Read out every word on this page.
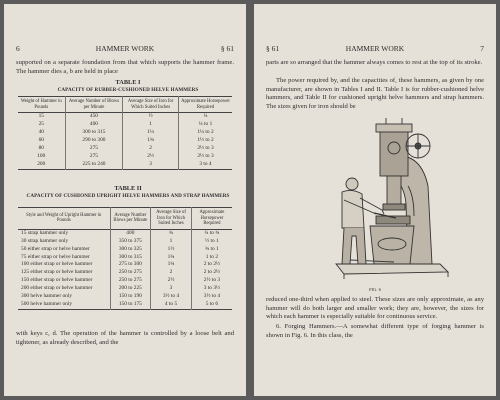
6	HAMMER WORK	§ 61

supported on a separate foundation from that which supports the hammer frame. The hammer dies a, b are held in place

TABLE I
CAPACITY OF RUBBER-CUSHIONED HELVE HAMMERS
Weight of Hammer in Pounds	Average Number of Blows per Minute	Average Size of Iron for Which Suited Inches	Approximate Horsepower Required
15	450	½	¼
25	400	1	¼ to 1
40	300 to 315	1¼	1¼ to 2
60	290 to 300	1¾	1½ to 2
80	275	2	2½ to 3
100	275	2½	2½ to 3
200	225 to 240	3	3 to 4
TABLE II
CAPACITY OF CUSHIONED UPRIGHT HELVE HAMMERS AND STRAP HAMMERS
Style and Weight of Upright Hammer in Pounds	Average Number Blows per Minute	Average Size of Iron for Which Suited Inches	Approximate Horsepower Required
15 strap hammer only	400	¾	¼ to ¾
30 strap hammer only	350 to 375	1	½ to 1
50 either strap or helve hammer	300 to 325	1½	¾ to 1
75 either strap or helve hammer	300 to 315	1¾	1 to 2
100 either strap or helve hammer	275 to 300	1¾	2 to 2½
125 either strap or helve hammer	250 to 275	2	2 to 2½
150 either strap or helve hammer	250 to 275	2½	2½ to 3
200 either strap or helve hammer	200 to 225	3	3 to 3½
300 helve hammer only	150 to 190	3½ to 4	3½ to 4
500 helve hammer only	150 to 175	4 to 5	5 to 6

with keys c, d. The operation of the hammer is controlled by a loose belt and tightener, as already described, and the

§ 61	HAMMER WORK	7

parts are so arranged that the hammer always comes to rest at the top of its stroke.

The power required by, and the capacities of, these hammers, as given by one manufacturer, are shown in Tables I and II. Table I is for rubber-cushioned helve hammers, and Table II for cushioned upright helve hammers and strap hammers. The sizes given for iron should be

FIG. 6

reduced one-third when applied to steel. These sizes are only approximate, as any hammer will do both larger and smaller work; they are, however, the sizes for which each hammer is especially suitable for continuous service.

6. Forging Hammers.—A somewhat different type of forging hammer is shown in Fig. 6. In this class, the
